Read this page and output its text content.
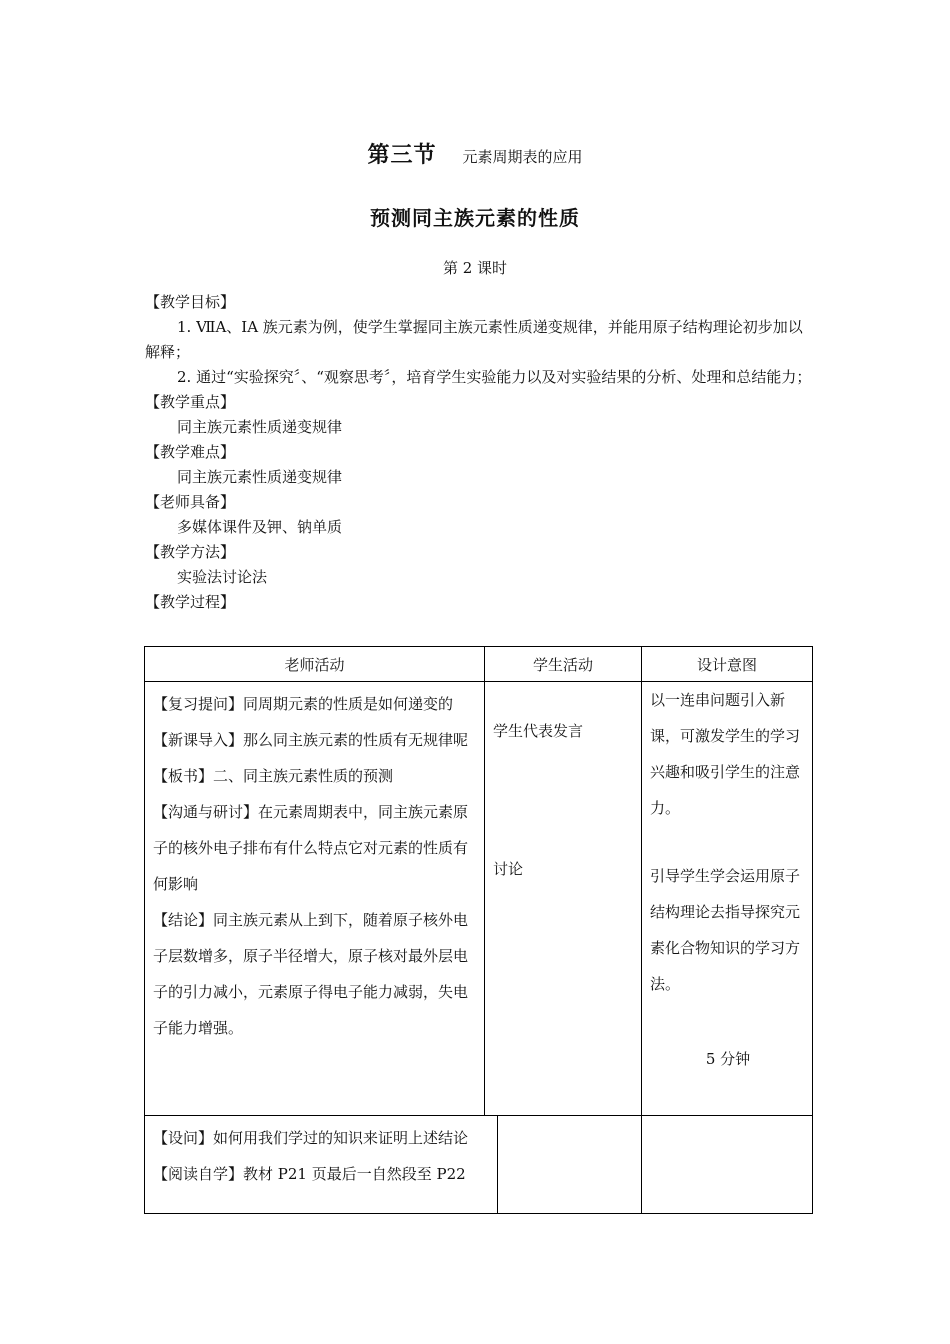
第三节 元素周期表的应用
预测同主族元素的性质
第 2 课时

【教学目标】

1. ⅦA、ⅠA 族元素为例，使学生掌握同主族元素性质递变规律，并能用原子结构理论初步加以解释；

2. 通过“实验探究〞、“观察思考〞，培育学生实验能力以及对实验结果的分析、处理和总结能力；

【教学重点】

同主族元素性质递变规律

【教学难点】

同主族元素性质递变规律

【老师具备】

多媒体课件及钾、钠单质

【教学方法】

实验法讨论法

【教学过程】

老师活动	学生活动	设计意图

【复习提问】同周期元素的性质是如何递变的

【新课导入】那么同主族元素的性质有无规律呢

【板书】二、同主族元素性质的预测

【沟通与研讨】在元素周期表中，同主族元素原子的核外电子排布有什么特点它对元素的性质有何影响

【结论】同主族元素从上到下，随着原子核外电子层数增多，原子半径增大，原子核对最外层电子的引力减小，元素原子得电子能力减弱，失电子能力增强。

学生代表发言
讨论
以一连串问题引入新课，可激发学生的学习兴趣和吸引学生的注意力。
引导学生学会运用原子结构理论去指导探究元素化合物知识的学习方法。
5 分钟

【设问】如何用我们学过的知识来证明上述结论

【阅读自学】教材 P21 页最后一自然段至 P22
